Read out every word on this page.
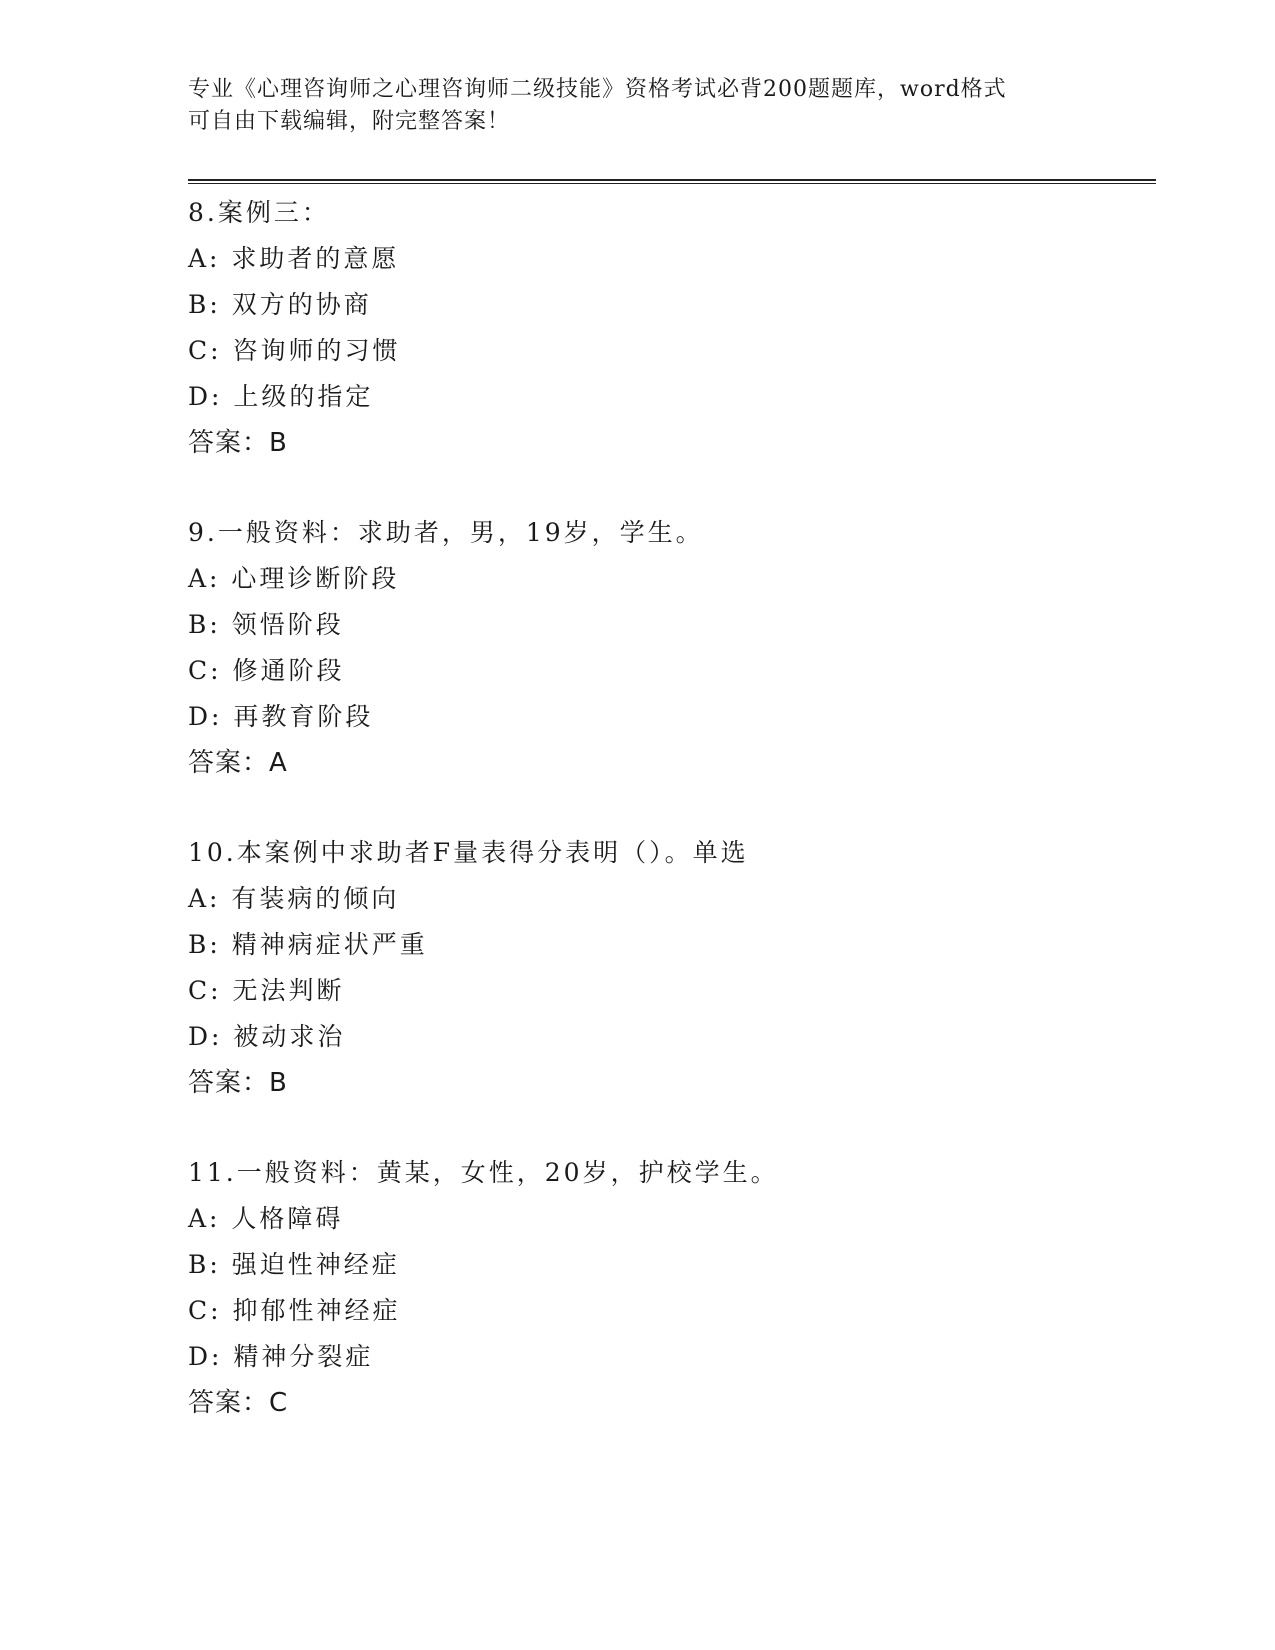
专业《心理咨询师之心理咨询师二级技能》资格考试必背200题题库，word格式
可自由下载编辑，附完整答案！
8.案例三：
A: 求助者的意愿
B: 双方的协商
C: 咨询师的习惯
D: 上级的指定
答案：B
9.一般资料：求助者，男，19岁，学生。
A: 心理诊断阶段
B: 领悟阶段
C: 修通阶段
D: 再教育阶段
答案：A
10.本案例中求助者F量表得分表明（）。单选
A: 有装病的倾向
B: 精神病症状严重
C: 无法判断
D: 被动求治
答案：B
11.一般资料：黄某，女性，20岁，护校学生。
A: 人格障碍
B: 强迫性神经症
C: 抑郁性神经症
D: 精神分裂症
答案：C
